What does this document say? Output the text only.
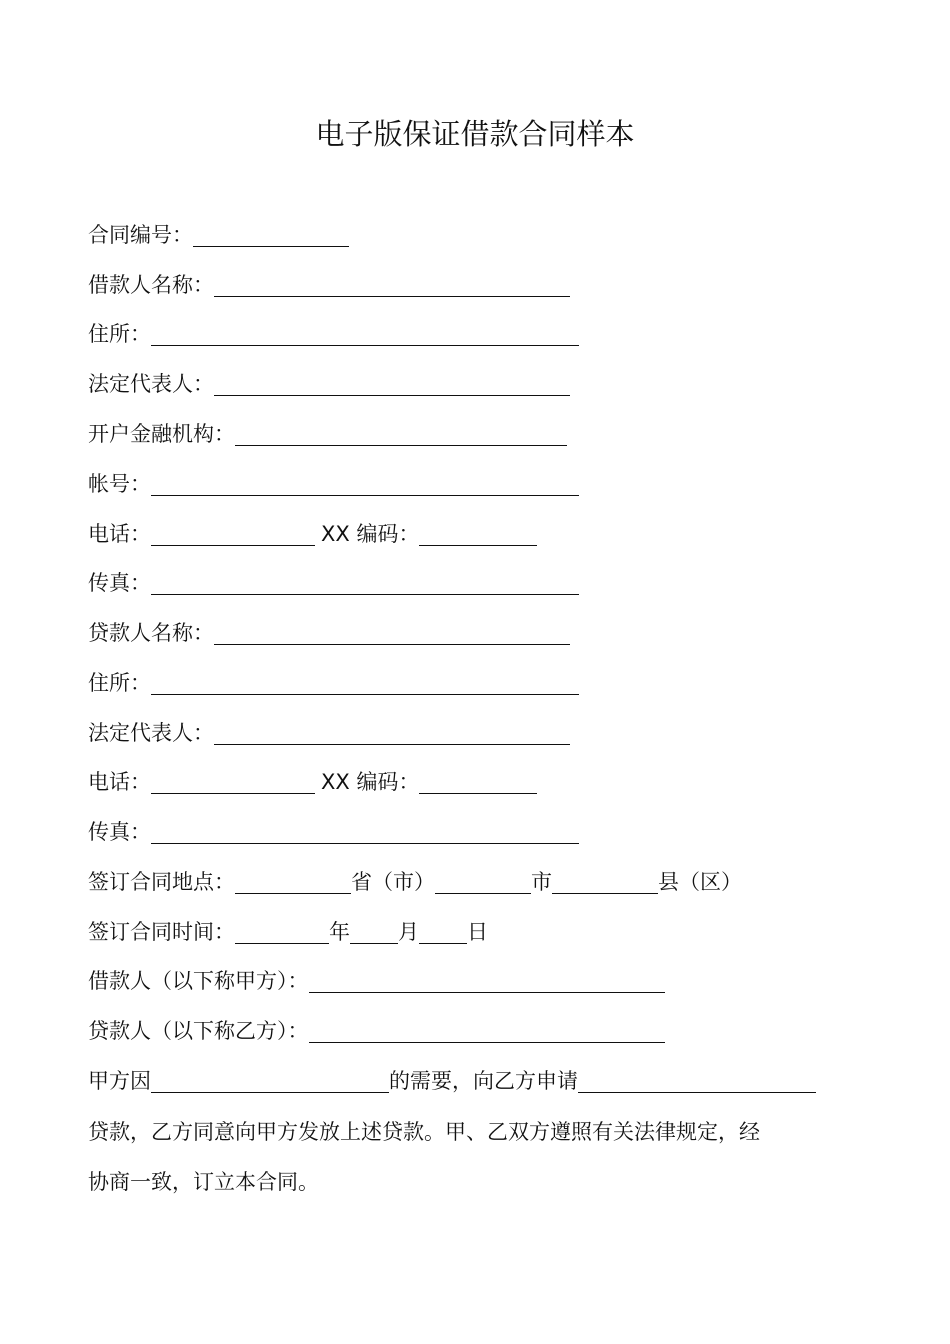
电子版保证借款合同样本
合同编号：
借款人名称：
住所：
法定代表人：
开户金融机构：
帐号：
电话：	XX 编码：
传真：
贷款人名称：
住所：
法定代表人：
电话：	XX 编码：
传真：
签订合同地点：	省（市）	市	县（区）
签订合同时间：	年 月 日
借款人（以下称甲方）：
贷款人（以下称乙方）：
甲方因	的需要，向乙方申请
贷款，乙方同意向甲方发放上述贷款。甲、乙双方遵照有关法律规定，经
协商一致，订立本合同。
